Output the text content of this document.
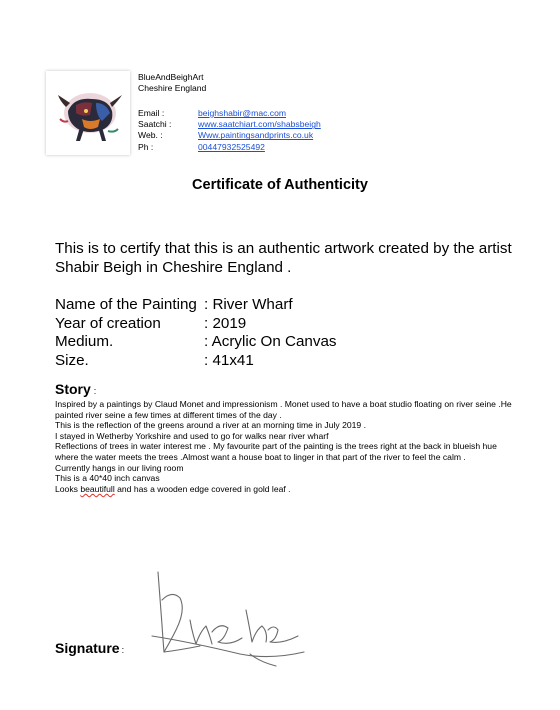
BlueAndBeighArt
Cheshire England
Email :	beighshabir@mac.com
Saatchi :	www.saatchiart.com/shabsbeigh
Web. :	Www.paintingsandprints.co.uk
Ph :	00447932525492
Certificate of Authenticity
This is to certify that this is an authentic artwork created by the artist Shabir Beigh in Cheshire England .
Name of the Painting : River Wharf
Year of creation	: 2019
Medium.	: Acrylic On Canvas
Size.	: 41x41
Story :

Inspired by a paintings by Claud Monet and impressionism . Monet used to have a boat studio floating on river seine .He painted river seine a few times at different times of the day .

This is the reflection of the greens around a river at an morning time in July 2019 .

I stayed in Wetherby Yorkshire and used to go for walks near river wharf

Reflections of trees in water interest me . My favourite part of the painting is the trees right at the back in blueish hue where the water meets the trees .Almost want a house boat to linger in that part of the river to feel the calm .

Currently hangs in our living room

This is a 40*40 inch canvas

Looks beautifull and has a wooden edge covered in gold leaf .

Signature :
